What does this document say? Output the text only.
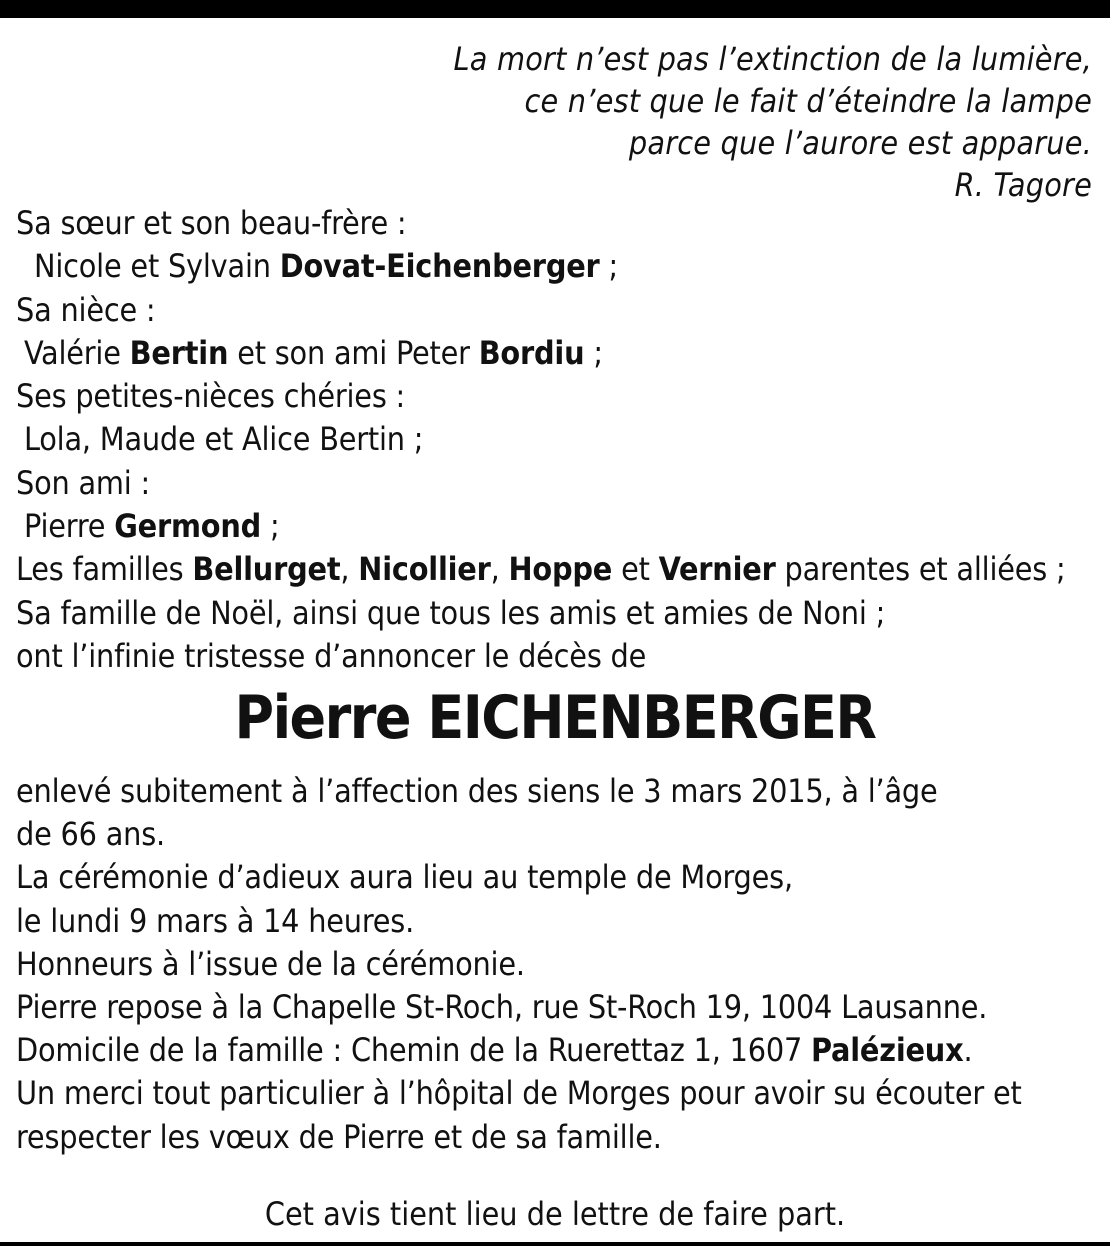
La mort n’est pas l’extinction de la lumière,
ce n’est que le fait d’éteindre la lampe
parce que l’aurore est apparue.
R. Tagore
Sa sœur et son beau-frère :
Nicole et Sylvain Dovat-Eichenberger ;
Sa nièce :
Valérie Bertin et son ami Peter Bordiu ;
Ses petites-nièces chéries :
Lola, Maude et Alice Bertin ;
Son ami :
Pierre Germond ;
Les familles Bellurget, Nicollier, Hoppe et Vernier parentes et alliées ;
Sa famille de Noël, ainsi que tous les amis et amies de Noni ;
ont l’infinie tristesse d’annoncer le décès de
Pierre EICHENBERGER
enlevé subitement à l’affection des siens le 3 mars 2015, à l’âge
de 66 ans.
La cérémonie d’adieux aura lieu au temple de Morges,
le lundi 9 mars à 14 heures.
Honneurs à l’issue de la cérémonie.
Pierre repose à la Chapelle St-Roch, rue St-Roch 19, 1004 Lausanne.
Domicile de la famille : Chemin de la Ruerettaz 1, 1607 Palézieux.
Un merci tout particulier à l’hôpital de Morges pour avoir su écouter et
respecter les vœux de Pierre et de sa famille.
Cet avis tient lieu de lettre de faire part.
